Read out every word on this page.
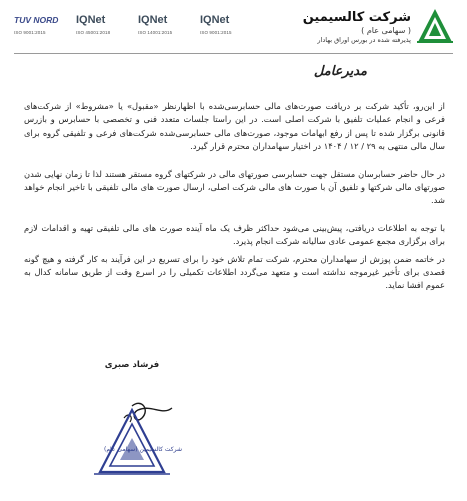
شرکت کالسیمین
( سهامی عام )
پذیرفته شده در بورس اوراق بهادار
TUV NORD
ISO 9001:2015
IQNet
ISO 45001:2018
IQNet
ISO 14001:2015
IQNet
ISO 9001:2015
مدیرعامل

از این‌رو، تأکید شرکت بر دریافت صورت‌های مالی حسابرسی‌شده با اظهارنظر «مقبول» یا «مشروط» از شرکت‌های فرعی و انجام عملیات تلفیق با شرکت اصلی است. در این راستا جلسات متعدد فنی و تخصصی با حسابرس و بازرس قانونی برگزار شده تا پس از رفع ابهامات موجود، صورت‌های مالی حسابرسی‌شده شرکت‌های فرعی و تلفیقی گروه برای سال مالی منتهی به ۲۹ / ۱۲ / ۱۴۰۴ در اختیار سهامداران محترم قرار گیرد.

در حال حاضر حسابرسان مستقل جهت حسابرسی صورتهای مالی در شرکتهای گروه مستقر هستند لذا تا زمان نهایی شدن صورتهای مالی شرکتها و تلفیق آن با صورت های مالی شرکت اصلی، ارسال صورت های مالی تلفیقی با تاخیر انجام خواهد شد.

با توجه به اطلاعات دریافتی، پیش‌بینی می‌شود حداکثر ظرف یک ماه آینده صورت های مالی تلفیقی تهیه و اقدامات لازم برای برگزاری مجمع عمومی عادی سالیانه شرکت انجام پذیرد.

در خاتمه ضمن پوزش از سهامداران محترم، شرکت تمام تلاش خود را برای تسریع در این فرآیند به کار گرفته و هیچ گونه قصدی برای تأخیر غیرموجه نداشته است و متعهد می‌گردد اطلاعات تکمیلی را در اسرع وقت از طریق سامانه کدال به عموم افشا نماید.

فرشاد صبری
شرکت کالسیمین (سهامی عام)
